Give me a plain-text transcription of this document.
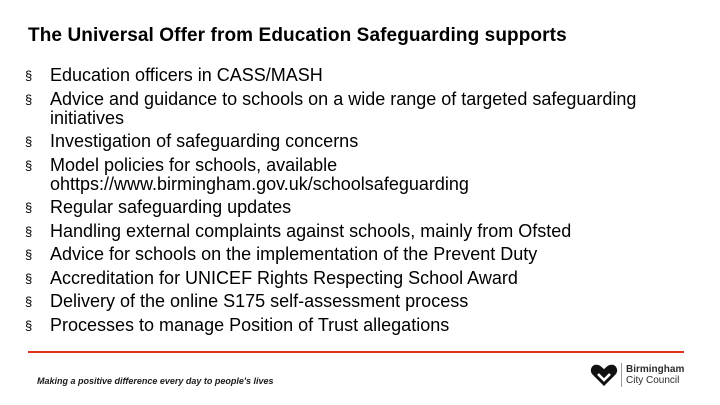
The Universal Offer from Education Safeguarding supports
§ Education officers in CASS/MASH
§ Advice and guidance to schools on a wide range of targeted safeguarding
initiatives
§ Investigation of safeguarding concerns
§ Model policies for schools, available
ohttps://www.birmingham.gov.uk/schoolsafeguarding
§ Regular safeguarding updates
§ Handling external complaints against schools, mainly from Ofsted
§ Advice for schools on the implementation of the Prevent Duty
§ Accreditation for UNICEF Rights Respecting School Award
§ Delivery of the online S175 self-assessment process
§ Processes to manage Position of Trust allegations
Making a positive difference every day to people's lives
Birmingham
City Council
